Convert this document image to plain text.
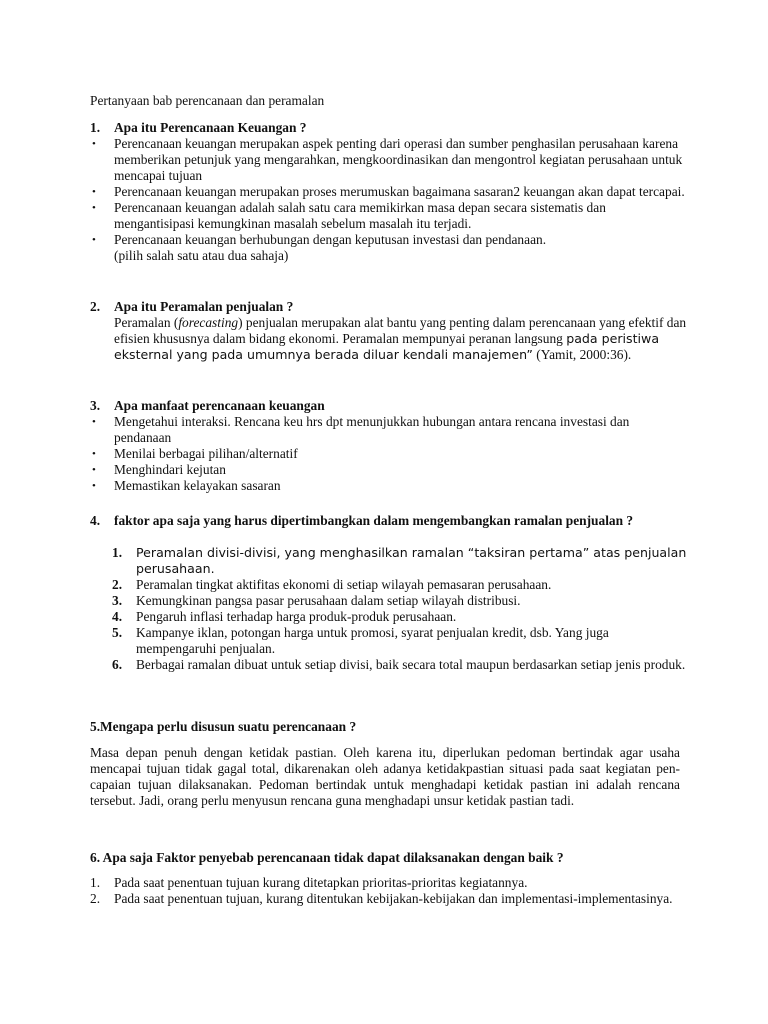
Pertanyaan bab perencanaan dan peramalan
1. Apa itu Perencanaan Keuangan ?
• Perencanaan keuangan merupakan aspek penting dari operasi dan sumber penghasilan perusahaan karena memberikan petunjuk yang mengarahkan, mengkoordinasikan dan mengontrol kegiatan perusahaan untuk mencapai tujuan
• Perencanaan keuangan merupakan proses merumuskan bagaimana sasaran2 keuangan akan dapat tercapai.
• Perencanaan keuangan adalah salah satu cara memikirkan masa depan secara sistematis dan mengantisipasi kemungkinan masalah sebelum masalah itu terjadi.
• Perencanaan keuangan berhubungan dengan keputusan investasi dan pendanaan.
(pilih salah satu atau dua sahaja)
2. Apa itu Peramalan penjualan ?
Peramalan (forecasting) penjualan merupakan alat bantu yang penting dalam perencanaan yang efektif dan efisien khususnya dalam bidang ekonomi. Peramalan mempunyai peranan langsung pada peristiwa eksternal yang pada umumnya berada diluar kendali manajemen” (Yamit, 2000:36).
3. Apa manfaat perencanaan keuangan
• Mengetahui interaksi. Rencana keu hrs dpt menunjukkan hubungan antara rencana investasi dan pendanaan
• Menilai berbagai pilihan/alternatif
• Menghindari kejutan
• Memastikan kelayakan sasaran
4. faktor apa saja yang harus dipertimbangkan dalam mengembangkan ramalan penjualan ?
1. Peramalan divisi-divisi, yang menghasilkan ramalan “taksiran pertama” atas penjualan perusahaan.
2. Peramalan tingkat aktifitas ekonomi di setiap wilayah pemasaran perusahaan.
3. Kemungkinan pangsa pasar perusahaan dalam setiap wilayah distribusi.
4. Pengaruh inflasi terhadap harga produk-produk perusahaan.
5. Kampanye iklan, potongan harga untuk promosi, syarat penjualan kredit, dsb. Yang juga mempengaruhi penjualan.
6. Berbagai ramalan dibuat untuk setiap divisi, baik secara total maupun berdasarkan setiap jenis produk.
5.Mengapa perlu disusun suatu perencanaan ?
Masa depan penuh dengan ketidak pastian. Oleh karena itu, diperlukan pedoman bertindak agar usaha mencapai tujuan tidak gagal total, dikarenakan oleh adanya ketidakpastian situasi pada saat kegiatan pen-capaian tujuan dilaksanakan. Pedoman bertindak untuk menghadapi ketidak pastian ini adalah rencana tersebut. Jadi, orang perlu menyusun rencana guna menghadapi unsur ketidak pastian tadi.
6. Apa saja Faktor penyebab perencanaan tidak dapat dilaksanakan dengan baik ?
1. Pada saat penentuan tujuan kurang ditetapkan prioritas-prioritas kegiatannya.
2. Pada saat penentuan tujuan, kurang ditentukan kebijakan-kebijakan dan implementasi-implementasinya.
